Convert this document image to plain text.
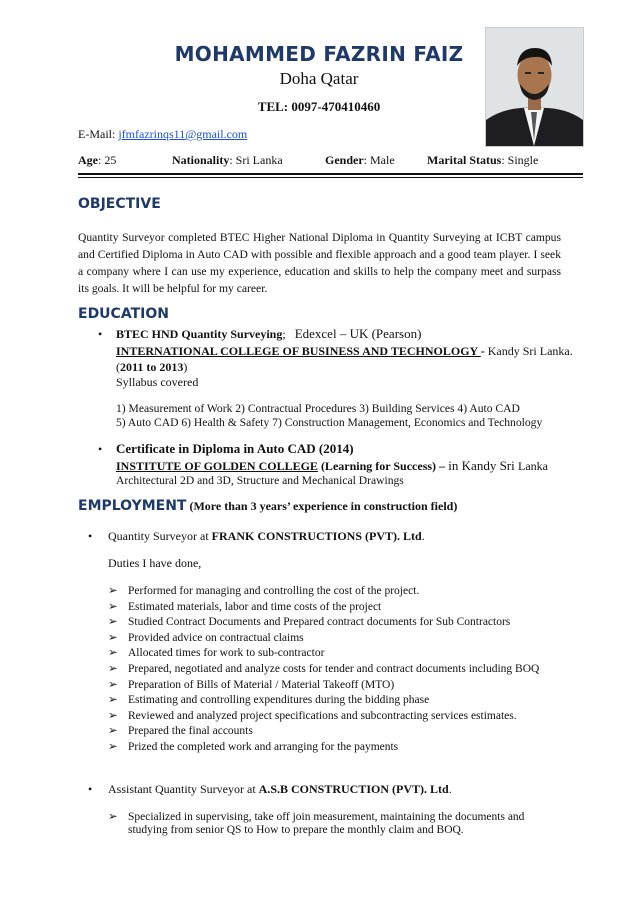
MOHAMMED FAZRIN FAIZ
Doha Qatar
TEL: 0097-470410460
E-Mail: jfmfazrinqs11@gmail.com
Age: 25	Nationality: Sri Lanka	Gender: Male	Marital Status: Single
OBJECTIVE
Quantity Surveyor completed BTEC Higher National Diploma in Quantity Surveying at ICBT campus and Certified Diploma in Auto CAD with possible and flexible approach and a good team player. I seek a company where I can use my experience, education and skills to help the company meet and surpass its goals. It will be helpful for my career.
EDUCATION
• BTEC HND Quantity Surveying; Edexcel – UK (Pearson)
INTERNATIONAL COLLEGE OF BUSINESS AND TECHNOLOGY - Kandy Sri Lanka.
(2011 to 2013)
Syllabus covered
1) Measurement of Work 2) Contractual Procedures 3) Building Services 4) Auto CAD
5) Auto CAD 6) Health & Safety 7) Construction Management, Economics and Technology
• Certificate in Diploma in Auto CAD (2014)
INSTITUTE OF GOLDEN COLLEGE (Learning for Success) – in Kandy Sri Lanka
Architectural 2D and 3D, Structure and Mechanical Drawings
EMPLOYMENT (More than 3 years’ experience in construction field)
• Quantity Surveyor at FRANK CONSTRUCTIONS (PVT). Ltd.
Duties I have done,
➢ Performed for managing and controlling the cost of the project.
➢ Estimated materials, labor and time costs of the project
➢ Studied Contract Documents and Prepared contract documents for Sub Contractors
➢ Provided advice on contractual claims
➢ Allocated times for work to sub-contractor
➢ Prepared, negotiated and analyze costs for tender and contract documents including BOQ
➢ Preparation of Bills of Material / Material Takeoff (MTO)
➢ Estimating and controlling expenditures during the bidding phase
➢ Reviewed and analyzed project specifications and subcontracting services estimates.
➢ Prepared the final accounts
➢ Prized the completed work and arranging for the payments
• Assistant Quantity Surveyor at A.S.B CONSTRUCTION (PVT). Ltd.
➢ Specialized in supervising, take off join measurement, maintaining the documents and
studying from senior QS to How to prepare the monthly claim and BOQ.
